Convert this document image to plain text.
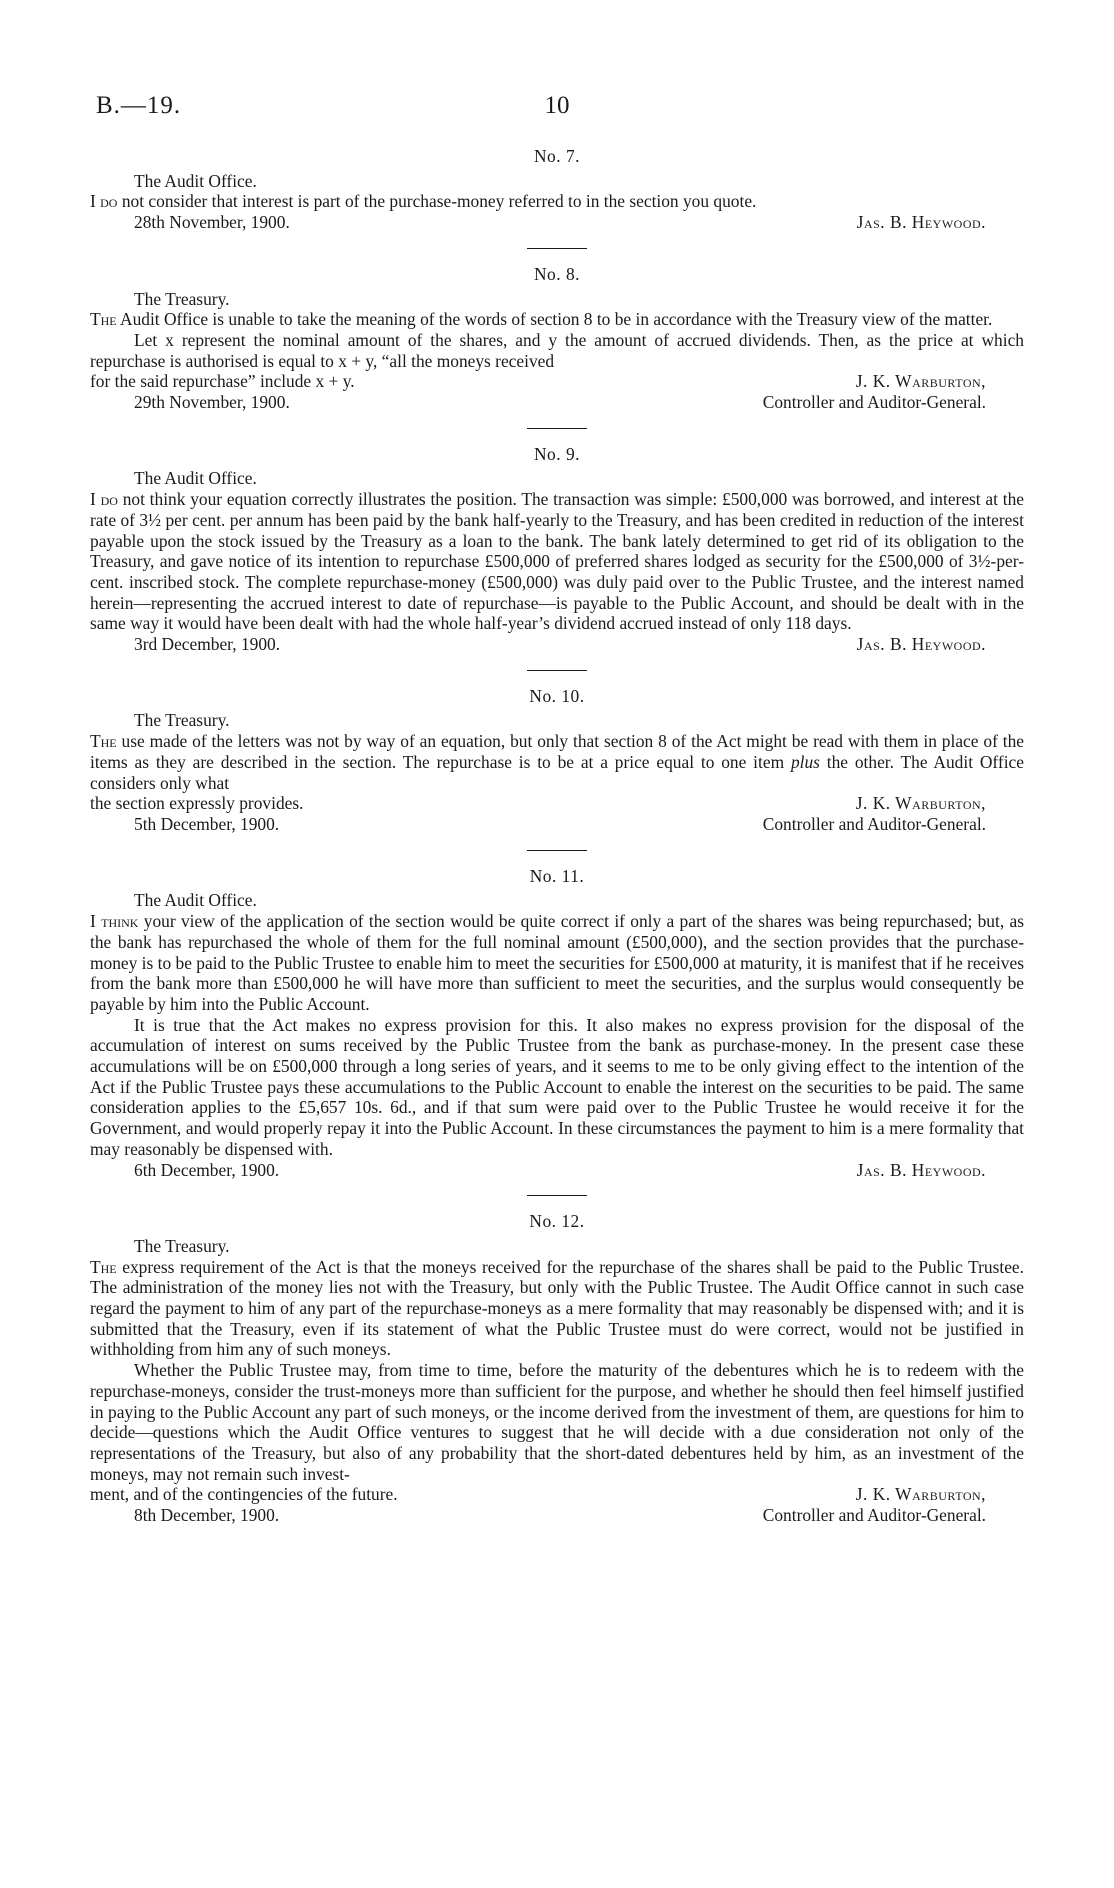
B.—19.	10
No. 7.
The Audit Office.
I do not consider that interest is part of the purchase-money referred to in the section you quote.
28th November, 1900.	Jas. B. Heywood.
No. 8.
The Treasury.
The Audit Office is unable to take the meaning of the words of section 8 to be in accordance with the Treasury view of the matter.
Let x represent the nominal amount of the shares, and y the amount of accrued dividends. Then, as the price at which repurchase is authorised is equal to x + y, “all the moneys received
for the said repurchase” include x + y.	J. K. Warburton,
29th November, 1900.	Controller and Auditor-General.
No. 9.
The Audit Office.
I do not think your equation correctly illustrates the position. The transaction was simple: £500,000 was borrowed, and interest at the rate of 3½ per cent. per annum has been paid by the bank half-yearly to the Treasury, and has been credited in reduction of the interest payable upon the stock issued by the Treasury as a loan to the bank. The bank lately determined to get rid of its obligation to the Treasury, and gave notice of its intention to repurchase £500,000 of preferred shares lodged as security for the £500,000 of 3½-per-cent. inscribed stock. The complete repurchase-money (£500,000) was duly paid over to the Public Trustee, and the interest named herein—representing the accrued interest to date of repurchase—is payable to the Public Account, and should be dealt with in the same way it would have been dealt with had the whole half-year’s dividend accrued instead of only 118 days.
3rd December, 1900.	Jas. B. Heywood.
No. 10.
The Treasury.
The use made of the letters was not by way of an equation, but only that section 8 of the Act might be read with them in place of the items as they are described in the section. The repurchase is to be at a price equal to one item plus the other. The Audit Office considers only what
the section expressly provides.	J. K. Warburton,
5th December, 1900.	Controller and Auditor-General.
No. 11.
The Audit Office.
I think your view of the application of the section would be quite correct if only a part of the shares was being repurchased; but, as the bank has repurchased the whole of them for the full nominal amount (£500,000), and the section provides that the purchase-money is to be paid to the Public Trustee to enable him to meet the securities for £500,000 at maturity, it is manifest that if he receives from the bank more than £500,000 he will have more than sufficient to meet the securities, and the surplus would consequently be payable by him into the Public Account.
It is true that the Act makes no express provision for this. It also makes no express provision for the disposal of the accumulation of interest on sums received by the Public Trustee from the bank as purchase-money. In the present case these accumulations will be on £500,000 through a long series of years, and it seems to me to be only giving effect to the intention of the Act if the Public Trustee pays these accumulations to the Public Account to enable the interest on the securities to be paid. The same consideration applies to the £5,657 10s. 6d., and if that sum were paid over to the Public Trustee he would receive it for the Government, and would properly repay it into the Public Account. In these circumstances the payment to him is a mere formality that may reasonably be dispensed with.
6th December, 1900.	Jas. B. Heywood.
No. 12.
The Treasury.
The express requirement of the Act is that the moneys received for the repurchase of the shares shall be paid to the Public Trustee. The administration of the money lies not with the Treasury, but only with the Public Trustee. The Audit Office cannot in such case regard the payment to him of any part of the repurchase-moneys as a mere formality that may reasonably be dispensed with; and it is submitted that the Treasury, even if its statement of what the Public Trustee must do were correct, would not be justified in withholding from him any of such moneys.
Whether the Public Trustee may, from time to time, before the maturity of the debentures which he is to redeem with the repurchase-moneys, consider the trust-moneys more than sufficient for the purpose, and whether he should then feel himself justified in paying to the Public Account any part of such moneys, or the income derived from the investment of them, are questions for him to decide—questions which the Audit Office ventures to suggest that he will decide with a due consideration not only of the representations of the Treasury, but also of any probability that the short-dated debentures held by him, as an investment of the moneys, may not remain such invest-
ment, and of the contingencies of the future.	J. K. Warburton,
8th December, 1900.	Controller and Auditor-General.
